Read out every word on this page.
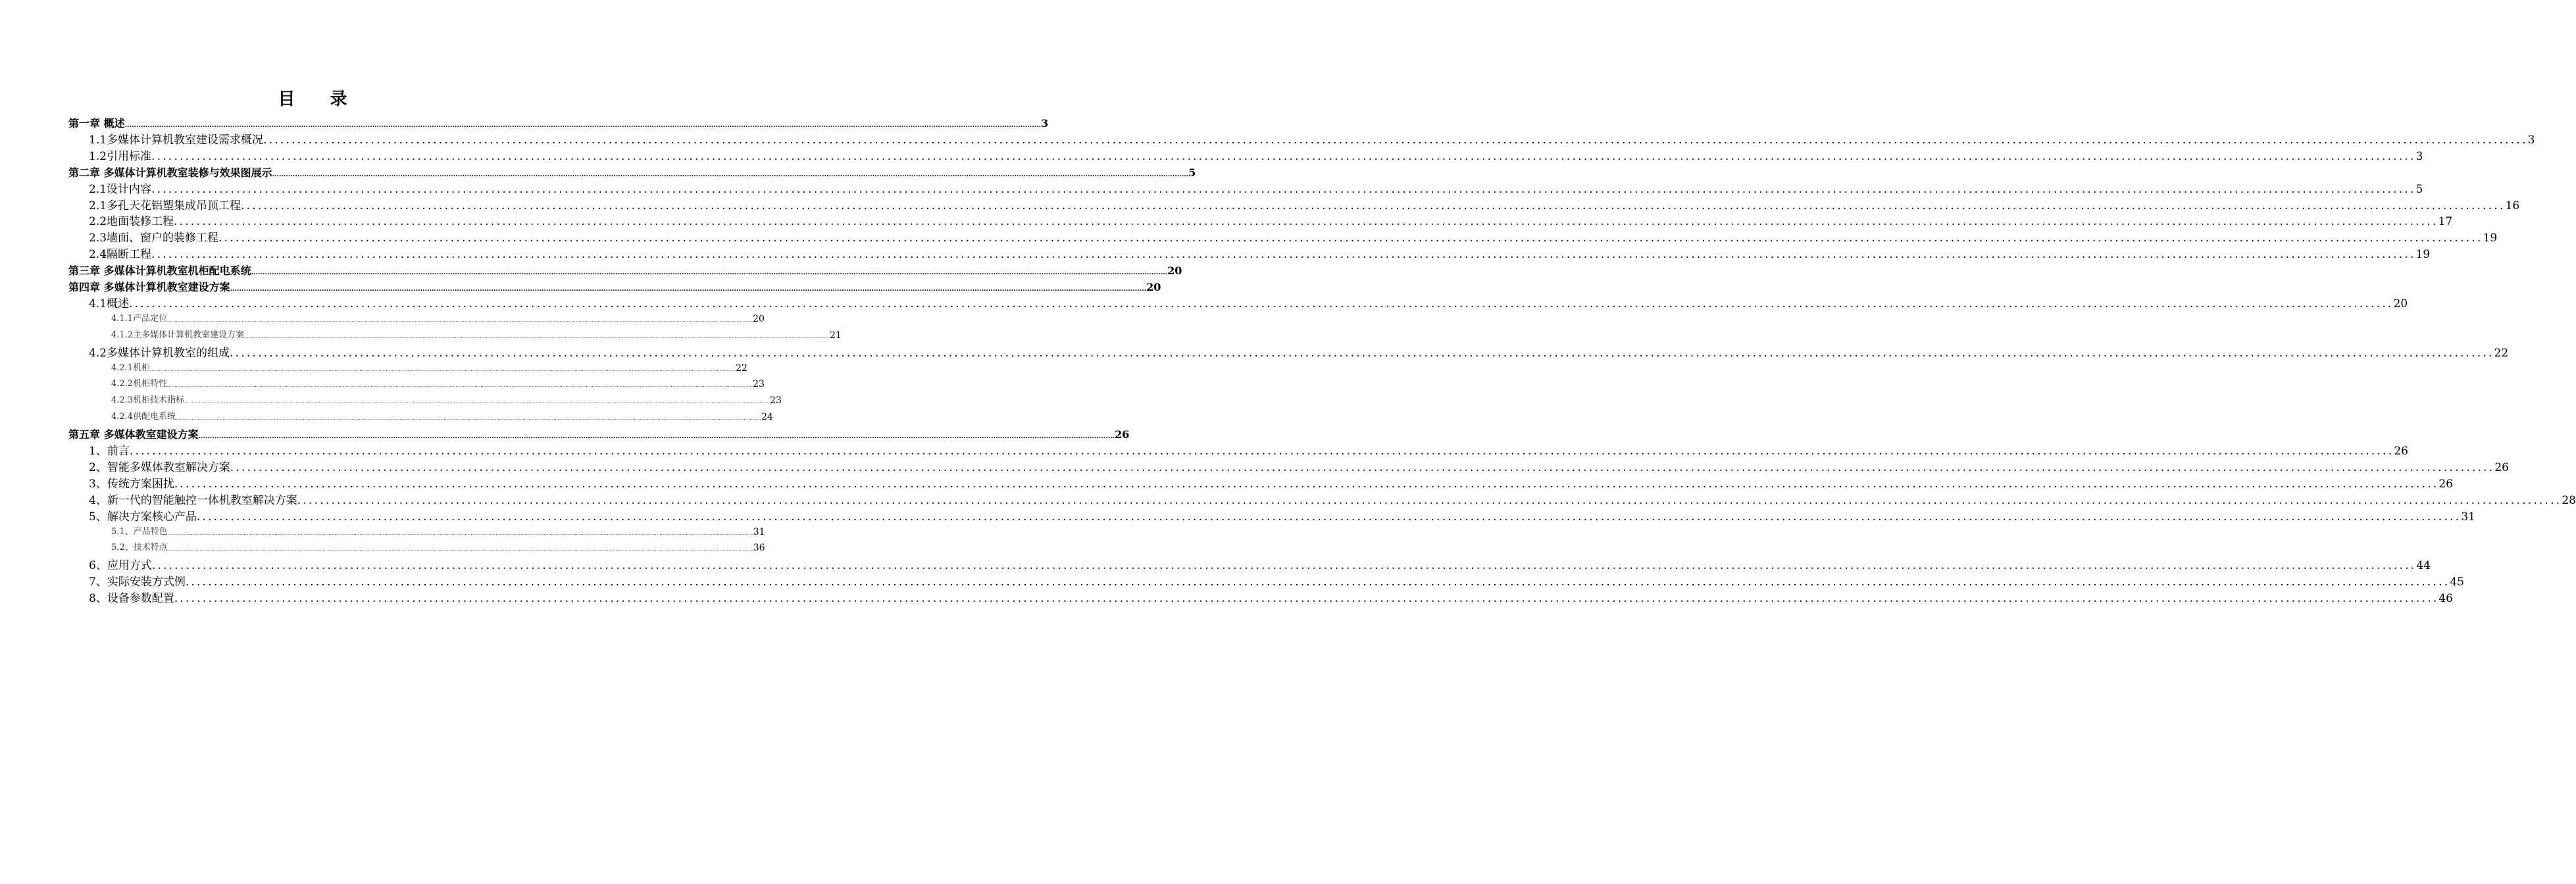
目 录
第一章 概述 ................................................................................................................................................................................................................................................................................................................................................................................................................ 3
1.1多媒体计算机教室建设需求概况 ................................................................................................................................................................................................................................................................................................................................................................................................................ 3
1.2引用标准 ................................................................................................................................................................................................................................................................................................................................................................................................................ 3
第二章 多媒体计算机教室装修与效果图展示 ................................................................................................................................................................................................................................................................................................................................................................................................................ 5
2.1设计内容 ................................................................................................................................................................................................................................................................................................................................................................................................................ 5
2.1多孔天花铝塑集成吊顶工程 ................................................................................................................................................................................................................................................................................................................................................................................................................ 16
2.2地面装修工程 ................................................................................................................................................................................................................................................................................................................................................................................................................ 17
2.3墙面、窗户的装修工程 ................................................................................................................................................................................................................................................................................................................................................................................................................ 19
2.4隔断工程 ................................................................................................................................................................................................................................................................................................................................................................................................................ 19
第三章 多媒体计算机教室机柜配电系统 ................................................................................................................................................................................................................................................................................................................................................................................................................ 20
第四章 多媒体计算机教室建设方案 ................................................................................................................................................................................................................................................................................................................................................................................................................ 20
4.1概述 ................................................................................................................................................................................................................................................................................................................................................................................................................ 20
4.1.1产品定位 ................................................................................................................................................................................................................................................................................................................................................................................................................ 20
4.1.2主多媒体计算机教室建设方案 ................................................................................................................................................................................................................................................................................................................................................................................................................ 21
4.2多媒体计算机教室的组成 ................................................................................................................................................................................................................................................................................................................................................................................................................ 22
4.2.1机柜 ................................................................................................................................................................................................................................................................................................................................................................................................................ 22
4.2.2机柜特性 ................................................................................................................................................................................................................................................................................................................................................................................................................ 23
4.2.3机柜技术指标 ................................................................................................................................................................................................................................................................................................................................................................................................................ 23
4.2.4供配电系统 ................................................................................................................................................................................................................................................................................................................................................................................................................ 24
第五章 多媒体教室建设方案 ................................................................................................................................................................................................................................................................................................................................................................................................................ 26
1、前言 ................................................................................................................................................................................................................................................................................................................................................................................................................ 26
2、智能多媒体教室解决方案 ................................................................................................................................................................................................................................................................................................................................................................................................................ 26
3、传统方案困扰 ................................................................................................................................................................................................................................................................................................................................................................................................................ 26
4、新一代的智能触控一体机教室解决方案 ................................................................................................................................................................................................................................................................................................................................................................................................................ 28
5、解决方案核心产品 ................................................................................................................................................................................................................................................................................................................................................................................................................ 31
5.1、产品特色 ................................................................................................................................................................................................................................................................................................................................................................................................................ 31
5.2、技术特点 ................................................................................................................................................................................................................................................................................................................................................................................................................ 36
6、应用方式 ................................................................................................................................................................................................................................................................................................................................................................................................................ 44
7、实际安装方式例 ................................................................................................................................................................................................................................................................................................................................................................................................................ 45
8、设备参数配置 ................................................................................................................................................................................................................................................................................................................................................................................................................ 46
